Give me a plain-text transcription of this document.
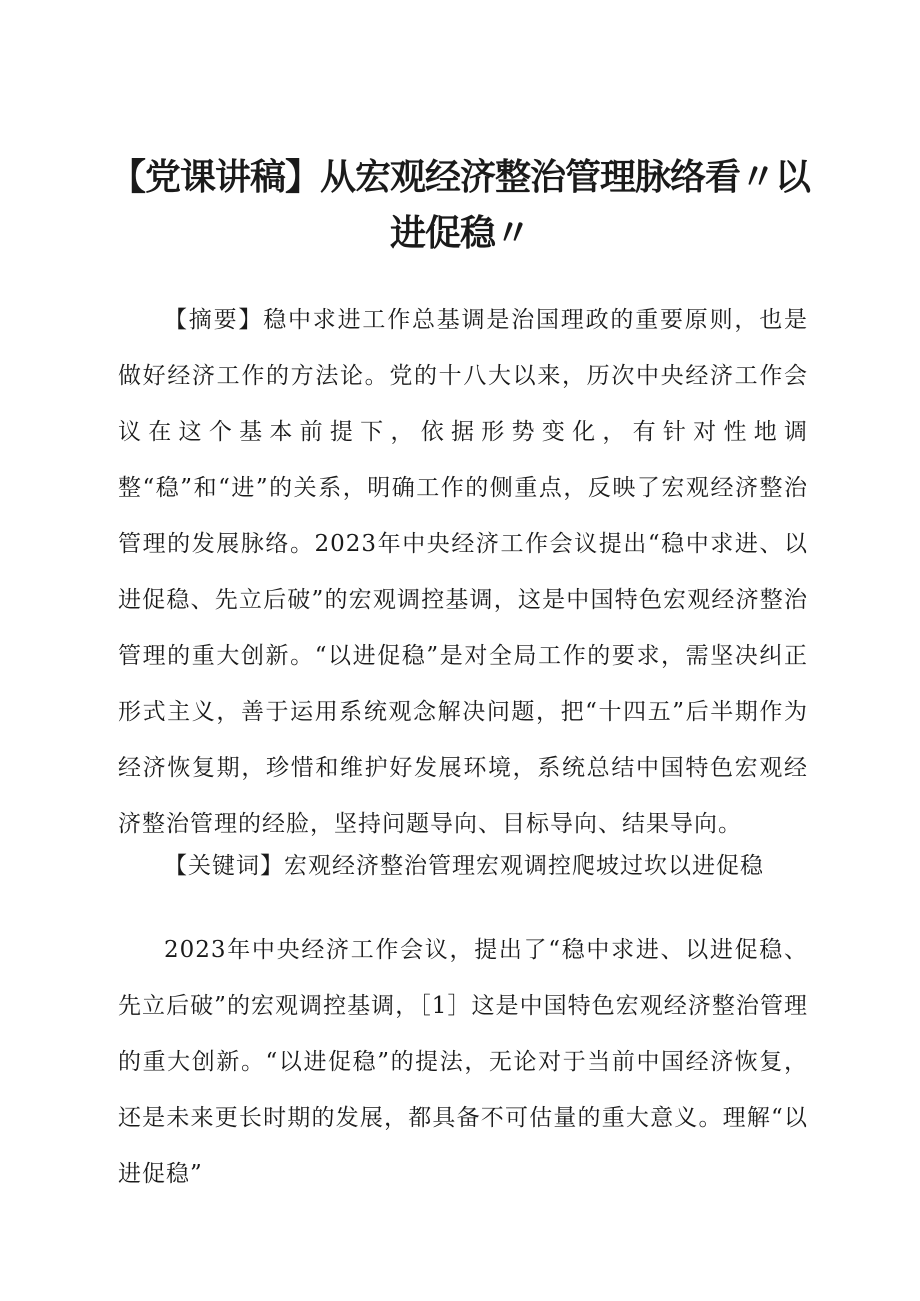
【党课讲稿】从宏观经济整治管理脉络看〃以进促稳〃

【摘要】稳中求进工作总基调是治国理政的重要原则，也是做好经济工作的方法论。党的十八大以来，历次中央经济工作会议在这个基本前提下，依据形势变化，有针对性地调整“稳”和“进”的关系，明确工作的侧重点，反映了宏观经济整治管理的发展脉络。2023年中央经济工作会议提出“稳中求进、以进促稳、先立后破”的宏观调控基调，这是中国特色宏观经济整治管理的重大创新。“以进促稳”是对全局工作的要求，需坚决纠正形式主义，善于运用系统观念解决问题，把“十四五”后半期作为经济恢复期，珍惜和维护好发展环境，系统总结中国特色宏观经济整治管理的经脸，坚持问题导向、目标导向、结果导向。

【关键词】宏观经济整治管理宏观调控爬坡过坎以进促稳

2023年中央经济工作会议，提出了“稳中求进、以进促稳、先立后破”的宏观调控基调，［1］这是中国特色宏观经济整治管理的重大创新。“以进促稳”的提法，无论对于当前中国经济恢复，还是未来更长时期的发展，都具备不可估量的重大意义。理解“以进促稳”
